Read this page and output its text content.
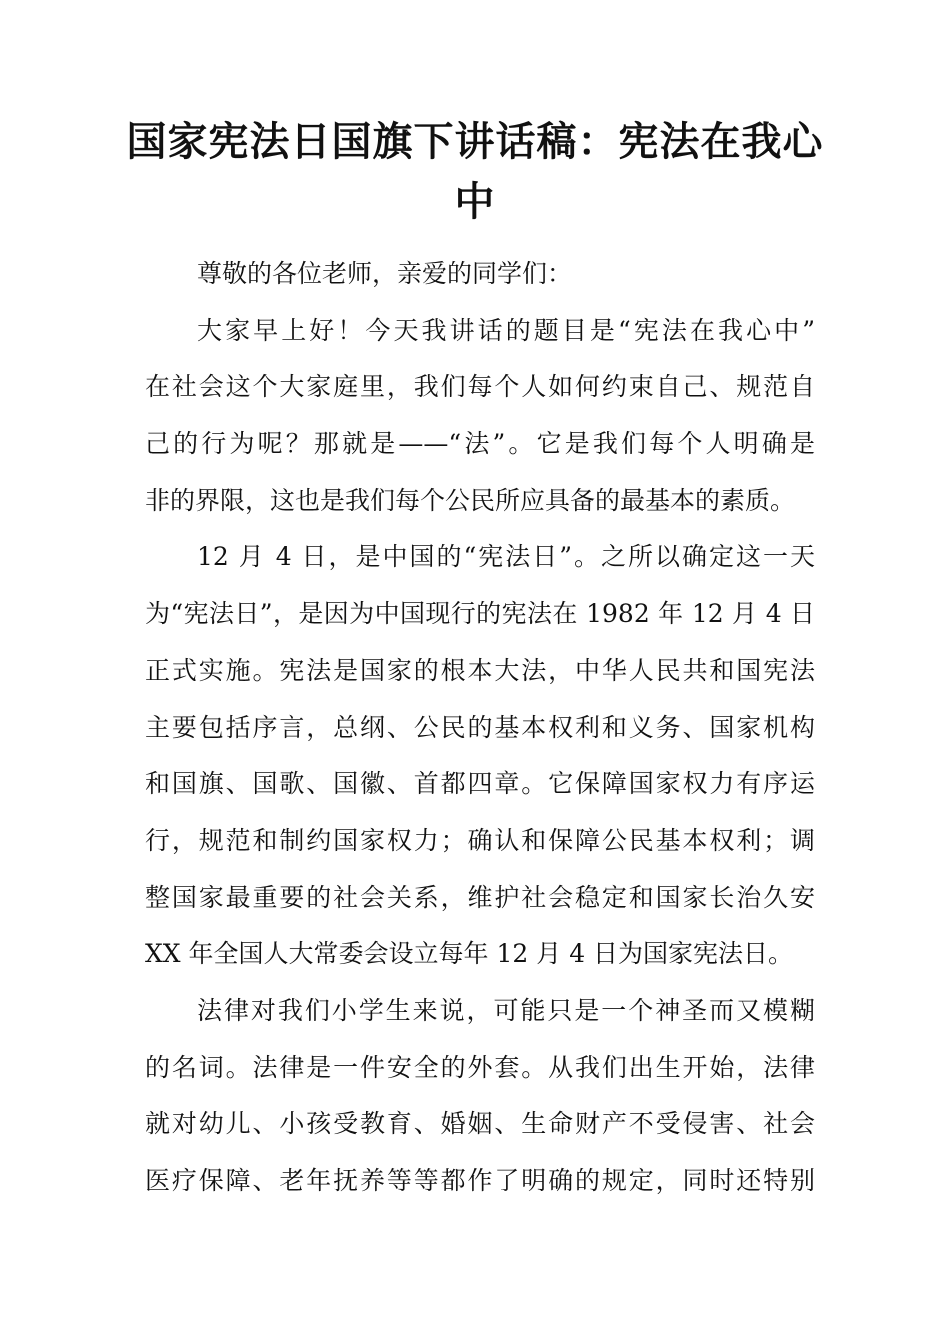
国家宪法日国旗下讲话稿：宪法在我心
中
尊敬的各位老师，亲爱的同学们：
大家早上好！今天我讲话的题目是“宪法在我心中”
在社会这个大家庭里，我们每个人如何约束自己、规范自
己的行为呢？那就是——“法”。它是我们每个人明确是
非的界限，这也是我们每个公民所应具备的最基本的素质。
12 月 4 日，是中国的“宪法日”。之所以确定这一天
为“宪法日”，是因为中国现行的宪法在 1982 年 12 月 4 日
正式实施。宪法是国家的根本大法，中华人民共和国宪法
主要包括序言，总纲、公民的基本权利和义务、国家机构
和国旗、国歌、国徽、首都四章。它保障国家权力有序运
行，规范和制约国家权力；确认和保障公民基本权利；调
整国家最重要的社会关系，维护社会稳定和国家长治久安
XX 年全国人大常委会设立每年 12 月 4 日为国家宪法日。
法律对我们小学生来说，可能只是一个神圣而又模糊
的名词。法律是一件安全的外套。从我们出生开始，法律
就对幼儿、小孩受教育、婚姻、生命财产不受侵害、社会
医疗保障、老年抚养等等都作了明确的规定，同时还特别
